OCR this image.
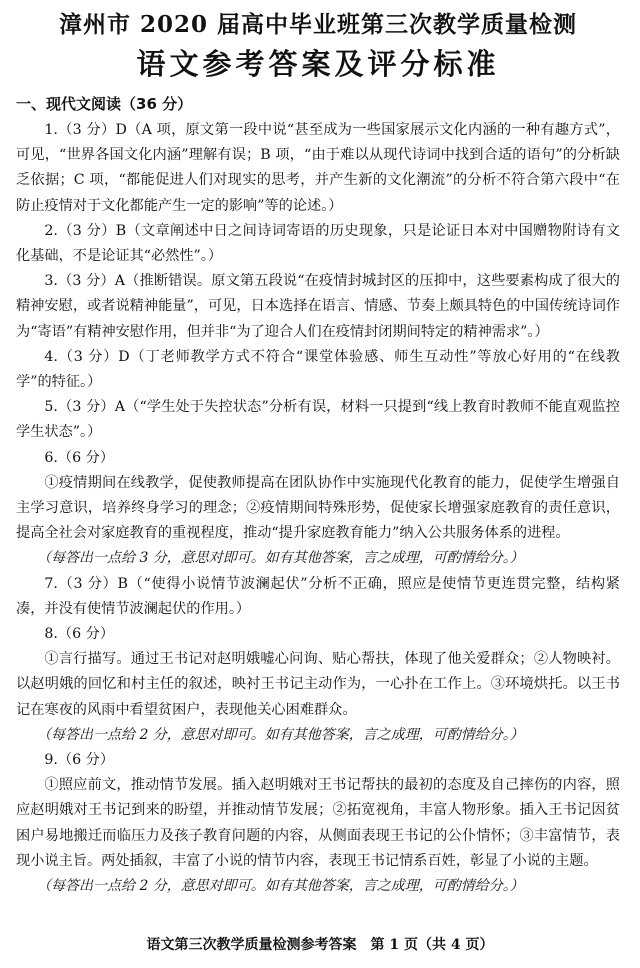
漳州市 2020 届高中毕业班第三次教学质量检测
语文参考答案及评分标准
一、现代文阅读（36 分）

1.（3 分）D（A 项，原文第一段中说“甚至成为一些国家展示文化内涵的一种有趣方式”，可见，“世界各国文化内涵”理解有误；B 项，“由于难以从现代诗词中找到合适的语句”的分析缺乏依据；C 项，“都能促进人们对现实的思考，并产生新的文化潮流”的分析不符合第六段中“在防止疫情对于文化都能产生一定的影响”等的论述。）

2.（3 分）B（文章阐述中日之间诗词寄语的历史现象，只是论证日本对中国赠物附诗有文化基础，不是论证其“必然性”。）

3.（3 分）A（推断错误。原文第五段说“在疫情封城封区的压抑中，这些要素构成了很大的精神安慰，或者说精神能量”，可见，日本选择在语言、情感、节奏上颇具特色的中国传统诗词作为“寄语”有精神安慰作用，但并非“为了迎合人们在疫情封闭期间特定的精神需求”。）

4.（3 分）D（丁老师教学方式不符合“课堂体验感、师生互动性”等放心好用的“在线教学”的特征。）

5.（3 分）A（“学生处于失控状态”分析有误，材料一只提到“线上教育时教师不能直观监控学生状态”。）

6.（6 分）

①疫情期间在线教学，促使教师提高在团队协作中实施现代化教育的能力，促使学生增强自主学习意识，培养终身学习的理念；②疫情期间特殊形势，促使家长增强家庭教育的责任意识，提高全社会对家庭教育的重视程度，推动“提升家庭教育能力”纳入公共服务体系的进程。

（每答出一点给 3 分，意思对即可。如有其他答案，言之成理，可酌情给分。）

7.（3 分）B（“使得小说情节波澜起伏”分析不正确，照应是使情节更连贯完整，结构紧凑，并没有使情节波澜起伏的作用。）

8.（6 分）

①言行描写。通过王书记对赵明娥嘘心问询、贴心帮扶，体现了他关爱群众；②人物映衬。以赵明娥的回忆和村主任的叙述，映衬王书记主动作为，一心扑在工作上。③环境烘托。以王书记在寒夜的风雨中看望贫困户，表现他关心困难群众。

（每答出一点给 2 分，意思对即可。如有其他答案，言之成理，可酌情给分。）

9.（6 分）

①照应前文，推动情节发展。插入赵明娥对王书记帮扶的最初的态度及自己摔伤的内容，照应赵明娥对王书记到来的盼望，并推动情节发展；②拓宽视角，丰富人物形象。插入王书记因贫困户易地搬迁而临压力及孩子教育问题的内容，从侧面表现王书记的公仆情怀；③丰富情节，表现小说主旨。两处插叙，丰富了小说的情节内容，表现王书记情系百姓，彰显了小说的主题。

（每答出一点给 2 分，意思对即可。如有其他答案，言之成理，可酌情给分。）

语文第三次教学质量检测参考答案　第 1 页（共 4 页）
